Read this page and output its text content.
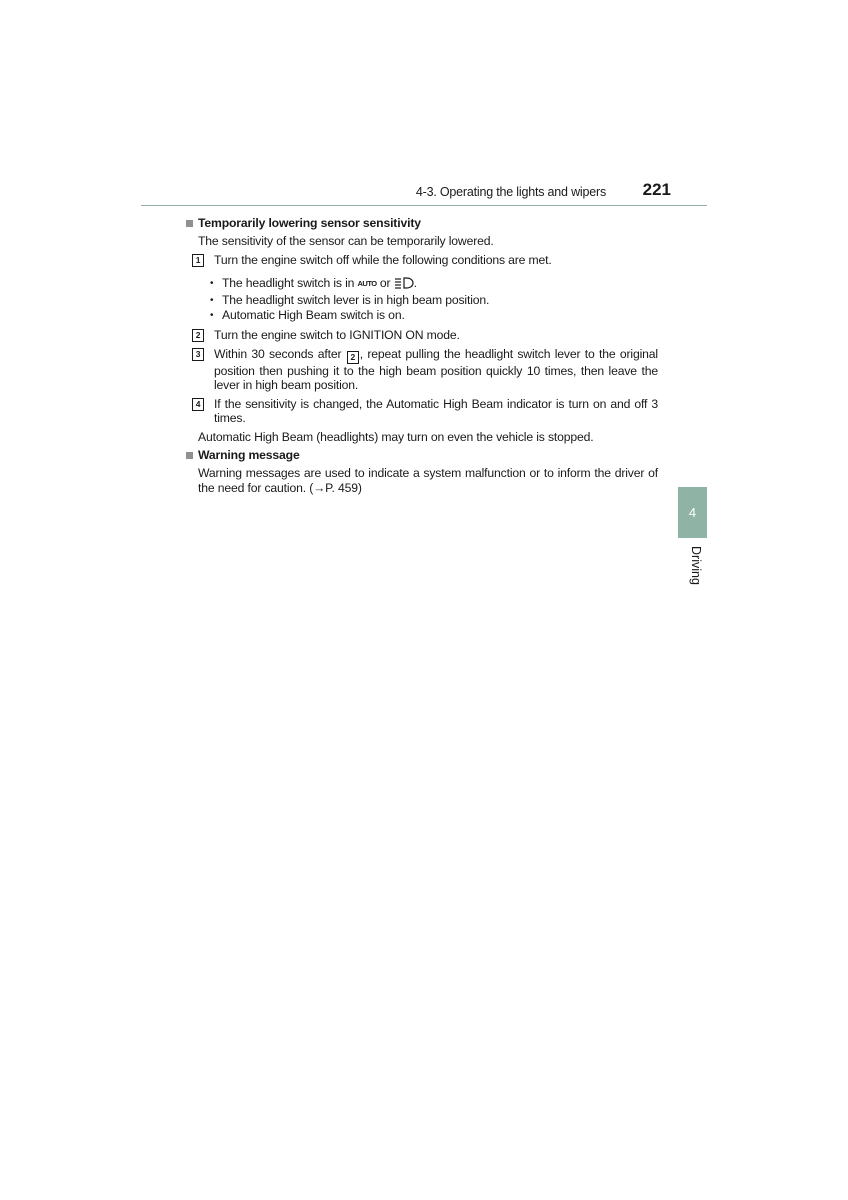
4-3. Operating the lights and wipers 221
Temporarily lowering sensor sensitivity
The sensitivity of the sensor can be temporarily lowered.
1	Turn the engine switch off while the following conditions are met.
• The headlight switch is in AUTO or .
• The headlight switch lever is in high beam position.
• Automatic High Beam switch is on.
2	Turn the engine switch to IGNITION ON mode.
3	Within 30 seconds after 2 , repeat pulling the headlight switch lever to the original position then pushing it to the high beam position quickly 10 times, then leave the lever in high beam position.
4	If the sensitivity is changed, the Automatic High Beam indicator is turn on and off 3 times.
Automatic High Beam (headlights) may turn on even the vehicle is stopped.
Warning message
Warning messages are used to indicate a system malfunction or to inform the driver of the need for caution. (→P. 459)
4
Driving
